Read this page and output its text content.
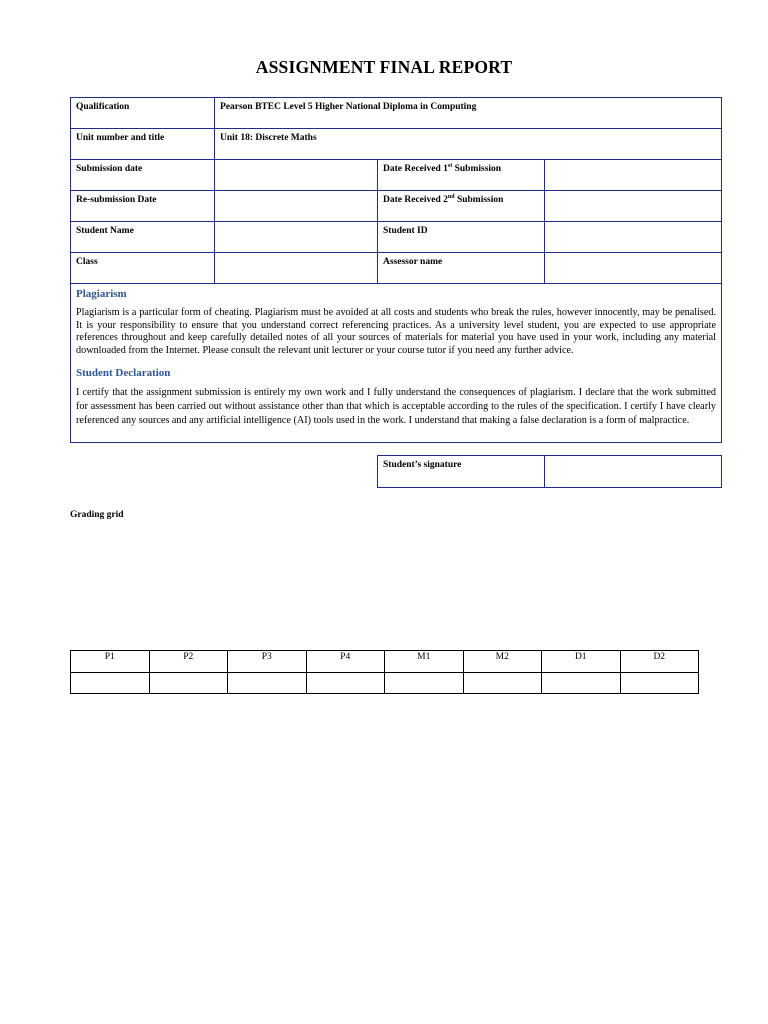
ASSIGNMENT FINAL REPORT
Qualification	Pearson BTEC Level 5 Higher National Diploma in Computing		
Unit number and title	Unit 18: Discrete Maths		
Submission date		Date Received 1st Submission	
Re-submission Date		Date Received 2nd Submission	
Student Name		Student ID	
Class		Assessor name	

Plagiarism

Plagiarism is a particular form of cheating. Plagiarism must be avoided at all costs and students who break the rules, however innocently, may be penalised. It is your responsibility to ensure that you understand correct referencing practices. As a university level student, you are expected to use appropriate references throughout and keep carefully detailed notes of all your sources of materials for material you have used in your work, including any material downloaded from the Internet. Please consult the relevant unit lecturer or your course tutor if you need any further advice.

Student Declaration

I certify that the assignment submission is entirely my own work and I fully understand the consequences of plagiarism. I declare that the work submitted for assessment has been carried out without assistance other than that which is acceptable according to the rules of the specification. I certify I have clearly referenced any sources and any artificial intelligence (AI) tools used in the work. I understand that making a false declaration is a form of malpractice.			

Student’s signature	
Grading grid
P1	P2	P3	P4	M1	M2	D1	D2
